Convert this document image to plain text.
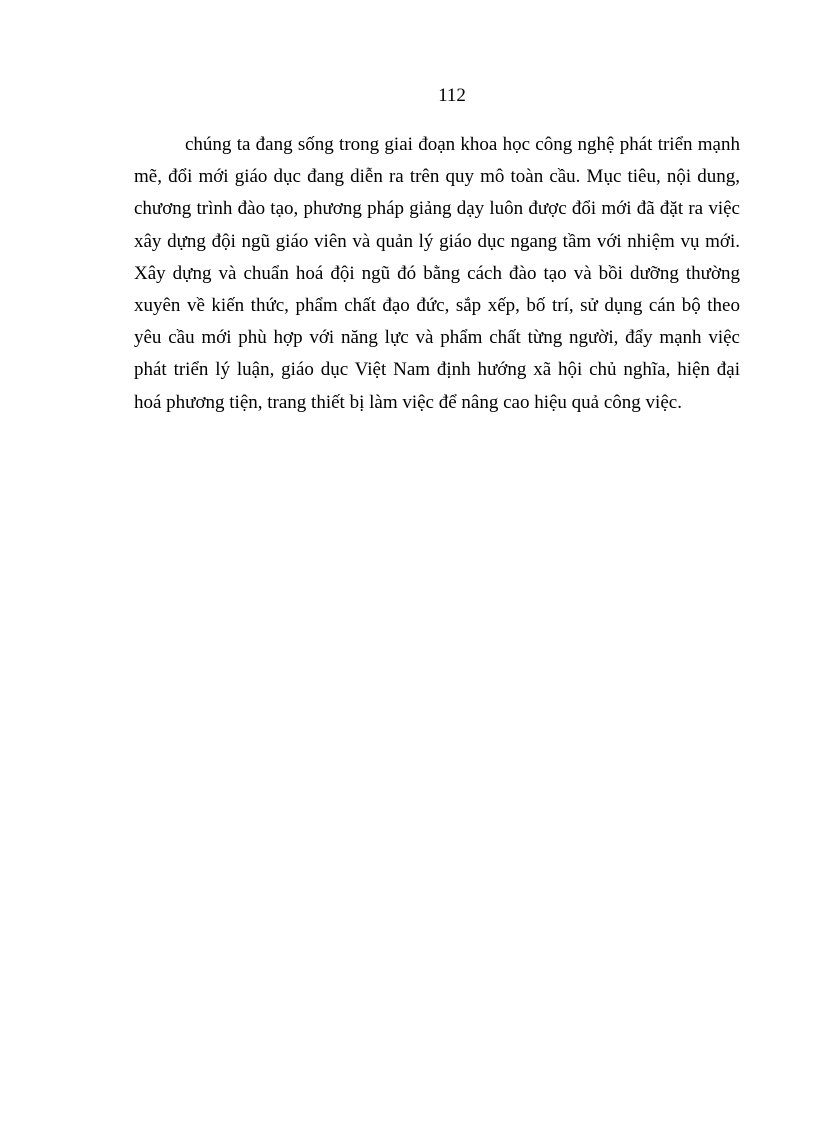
112

chúng ta đang sống trong giai đoạn khoa học công nghệ phát triển mạnh mẽ, đổi mới giáo dục đang diễn ra trên quy mô toàn cầu. Mục tiêu, nội dung, chương trình đào tạo, phương pháp giảng dạy luôn được đổi mới đã đặt ra việc xây dựng đội ngũ giáo viên và quản lý giáo dục ngang tầm với nhiệm vụ mới. Xây dựng và chuẩn hoá đội ngũ đó bằng cách đào tạo và bồi dưỡng thường xuyên về kiến thức, phẩm chất đạo đức, sắp xếp, bố trí, sử dụng cán bộ theo yêu cầu mới phù hợp với năng lực và phẩm chất từng người, đẩy mạnh việc phát triển lý luận, giáo dục Việt Nam định hướng xã hội chủ nghĩa, hiện đại hoá phương tiện, trang thiết bị làm việc để nâng cao hiệu quả công việc.
